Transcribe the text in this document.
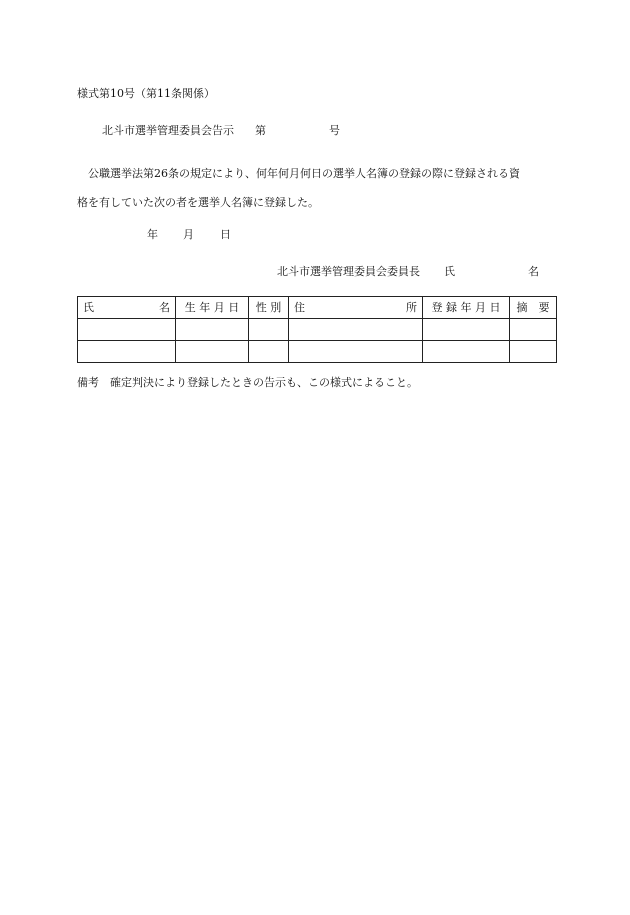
様式第10号（第11条関係）
北斗市選挙管理委員会告示 第	号
公職選挙法第26条の規定により、何年何月何日の選挙人名簿の登録の際に登録される資
格を有していた次の者を選挙人名簿に登録した。
年 月 日
北斗市選挙管理委員会委員長 氏	名
氏 名	生 年 月 日	性 別	住 所	登 録 年 月 日	摘　要

備考　確定判決により登録したときの告示も、この様式によること。
